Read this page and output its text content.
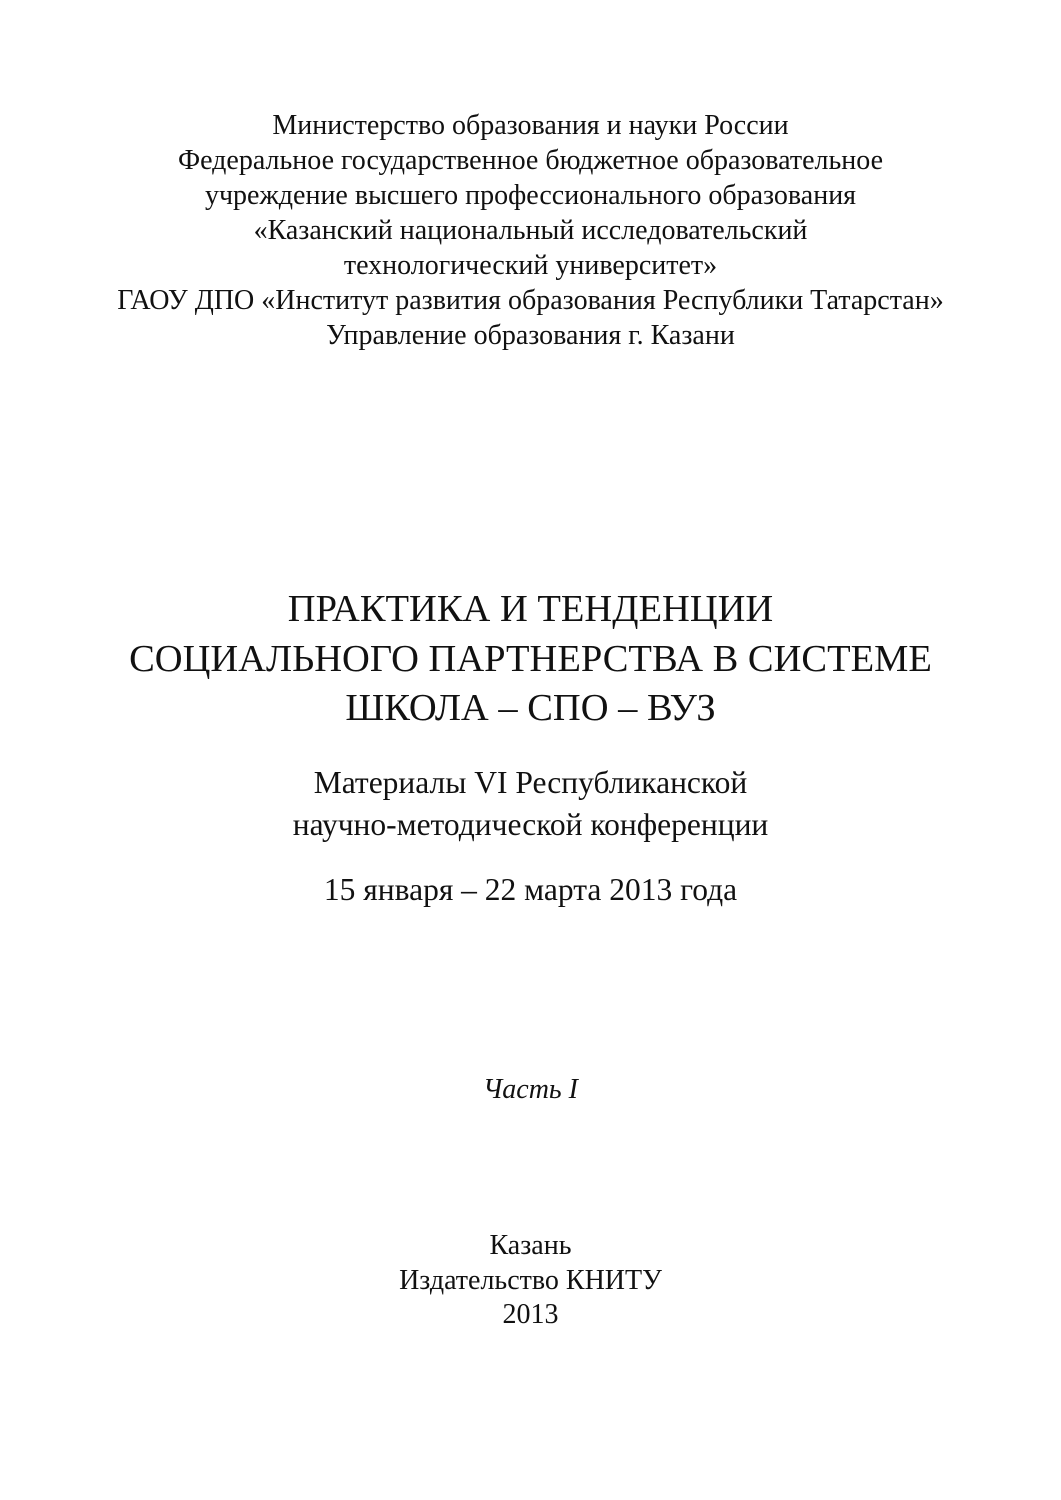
Министерство образования и науки России
Федеральное государственное бюджетное образовательное
учреждение высшего профессионального образования
«Казанский национальный исследовательский
технологический университет»
ГАОУ ДПО «Институт развития образования Республики Татарстан»
Управление образования г. Казани
ПРАКТИКА И ТЕНДЕНЦИИ
СОЦИАЛЬНОГО ПАРТНЕРСТВА В СИСТЕМЕ
ШКОЛА – СПО – ВУЗ
Материалы VI Республиканской
научно-методической конференции
15 января – 22 марта 2013 года
Часть I
Казань
Издательство КНИТУ
2013
